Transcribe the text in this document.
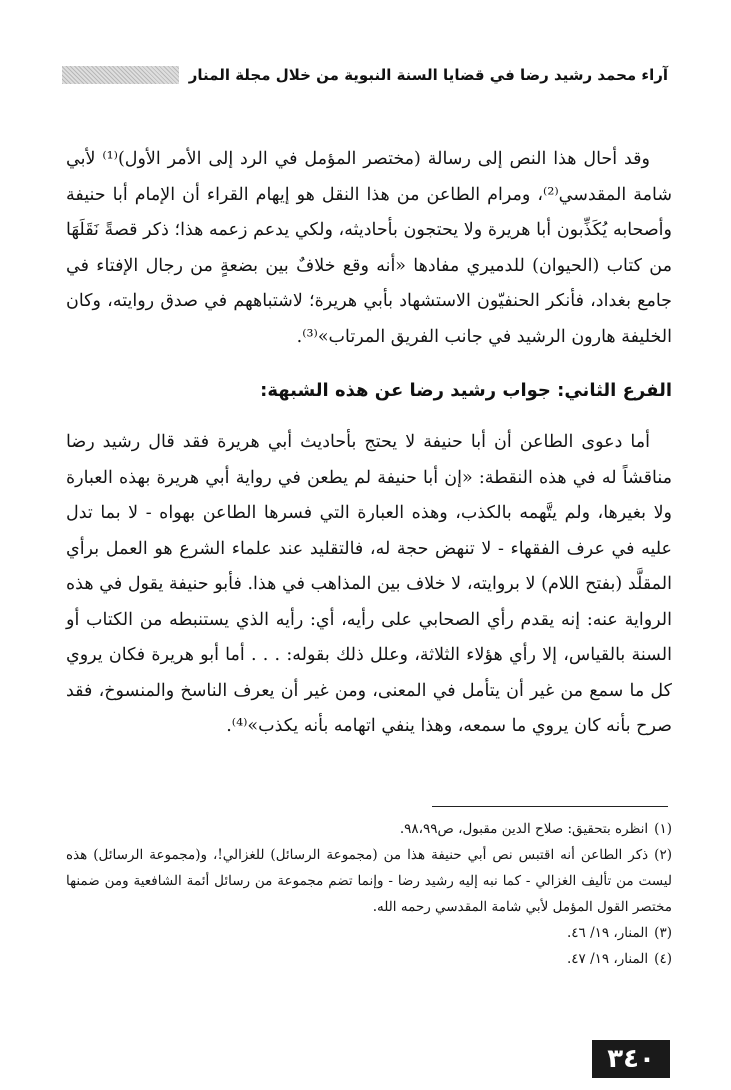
آراء محمد رشيد رضا في قضايا السنة النبوية من خلال مجلة المنار

وقد أحال هذا النص إلى رسالة (مختصر المؤمل في الرد إلى الأمر الأول)⁽¹⁾ لأبي شامة المقدسي⁽²⁾، ومرام الطاعن من هذا النقل هو إيهام القراء أن الإمام أبا حنيفة وأصحابه يُكَذِّبون أبا هريرة ولا يحتجون بأحاديثه، ولكي يدعم زعمه هذا؛ ذكر قصةً نَقَلَهَا من كتاب (الحيوان) للدميري مفادها «أنه وقع خلافٌ بين بضعةٍ من رجال الإفتاء في جامع بغداد، فأنكر الحنفيّون الاستشهاد بأبي هريرة؛ لاشتباههم في صدق روايته، وكان الخليفة هارون الرشيد في جانب الفريق المرتاب»⁽³⁾.

الفرع الثاني: جواب رشيد رضا عن هذه الشبهة:

أما دعوى الطاعن أن أبا حنيفة لا يحتج بأحاديث أبي هريرة فقد قال رشيد رضا مناقشاً له في هذه النقطة: «إن أبا حنيفة لم يطعن في رواية أبي هريرة بهذه العبارة ولا بغيرها، ولم يتَّهمه بالكذب، وهذه العبارة التي فسرها الطاعن بهواه - لا بما تدل عليه في عرف الفقهاء - لا تنهض حجة له، فالتقليد عند علماء الشرع هو العمل برأي المقلَّد (بفتح اللام) لا بروايته، لا خلاف بين المذاهب في هذا. فأبو حنيفة يقول في هذه الرواية عنه: إنه يقدم رأي الصحابي على رأيه، أي: رأيه الذي يستنبطه من الكتاب أو السنة بالقياس، إلا رأي هؤلاء الثلاثة، وعلل ذلك بقوله: . . . أما أبو هريرة فكان يروي كل ما سمع من غير أن يتأمل في المعنى، ومن غير أن يعرف الناسخ والمنسوخ، فقد صرح بأنه كان يروي ما سمعه، وهذا ينفي اتهامه بأنه يكذب»⁽⁴⁾.

(١)انظره بتحقيق: صلاح الدين مقبول، ص٩٨،٩٩.

(٢)ذكر الطاعن أنه اقتبس نص أبي حنيفة هذا من (مجموعة الرسائل) للغزالي!، و(مجموعة الرسائل) هذه ليست من تأليف الغزالي - كما نبه إليه رشيد رضا - وإنما تضم مجموعة من رسائل أئمة الشافعية ومن ضمنها مختصر القول المؤمل لأبي شامة المقدسي رحمه الله.

(٣)المنار، ١٩/ ٤٦.

(٤)المنار، ١٩/ ٤٧.

٣٤٠
